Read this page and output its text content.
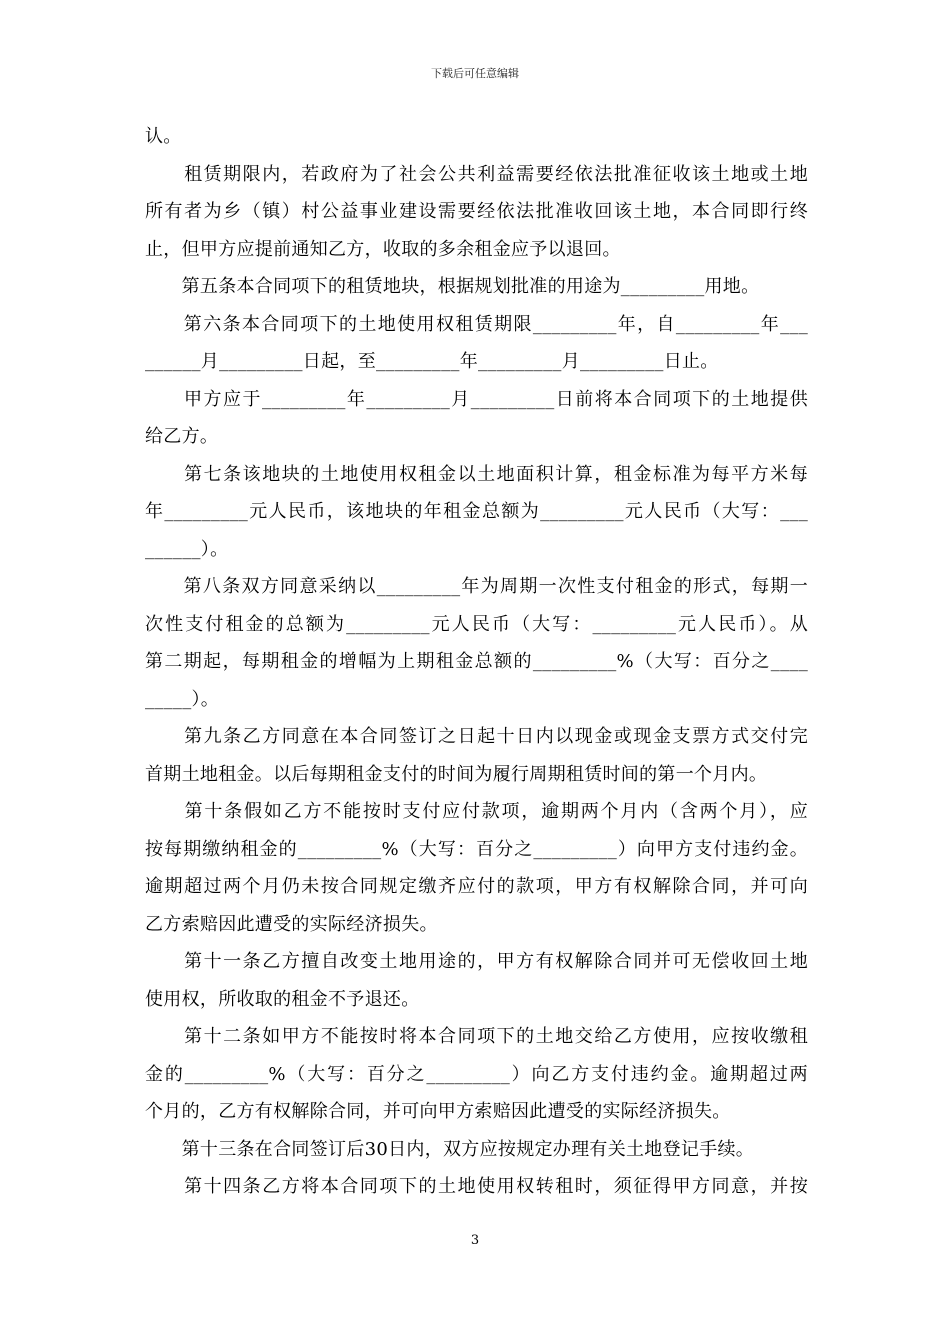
下载后可任意编辑
认。
　　租赁期限内，若政府为了社会公共利益需要经依法批准征收该土地或土地
所有者为乡（镇）村公益事业建设需要经依法批准收回该土地，本合同即行终
止，但甲方应提前通知乙方，收取的多余租金应予以退回。
　　第五条本合同项下的租赁地块，根据规划批准的用途为_________用地。
　　第六条本合同项下的土地使用权租赁期限_________年，自_________年___
______月_________日起，至_________年_________月_________日止。
　　甲方应于_________年_________月_________日前将本合同项下的土地提供
给乙方。
　　第七条该地块的土地使用权租金以土地面积计算，租金标准为每平方米每
年_________元人民币，该地块的年租金总额为_________元人民币（大写：___
______）。
　　第八条双方同意采纳以_________年为周期一次性支付租金的形式，每期一
次性支付租金的总额为_________元人民币（大写：_________元人民币）。从
第二期起，每期租金的增幅为上期租金总额的_________%（大写：百分之____
_____）。
　　第九条乙方同意在本合同签订之日起十日内以现金或现金支票方式交付完
首期土地租金。以后每期租金支付的时间为履行周期租赁时间的第一个月内。
　　第十条假如乙方不能按时支付应付款项，逾期两个月内（含两个月），应
按每期缴纳租金的_________%（大写：百分之_________）向甲方支付违约金。
逾期超过两个月仍未按合同规定缴齐应付的款项，甲方有权解除合同，并可向
乙方索赔因此遭受的实际经济损失。
　　第十一条乙方擅自改变土地用途的，甲方有权解除合同并可无偿收回土地
使用权，所收取的租金不予退还。
　　第十二条如甲方不能按时将本合同项下的土地交给乙方使用，应按收缴租
金的_________%（大写：百分之_________）向乙方支付违约金。逾期超过两
个月的，乙方有权解除合同，并可向甲方索赔因此遭受的实际经济损失。
　　第十三条在合同签订后30日内，双方应按规定办理有关土地登记手续。
　　第十四条乙方将本合同项下的土地使用权转租时，须征得甲方同意，并按
3
